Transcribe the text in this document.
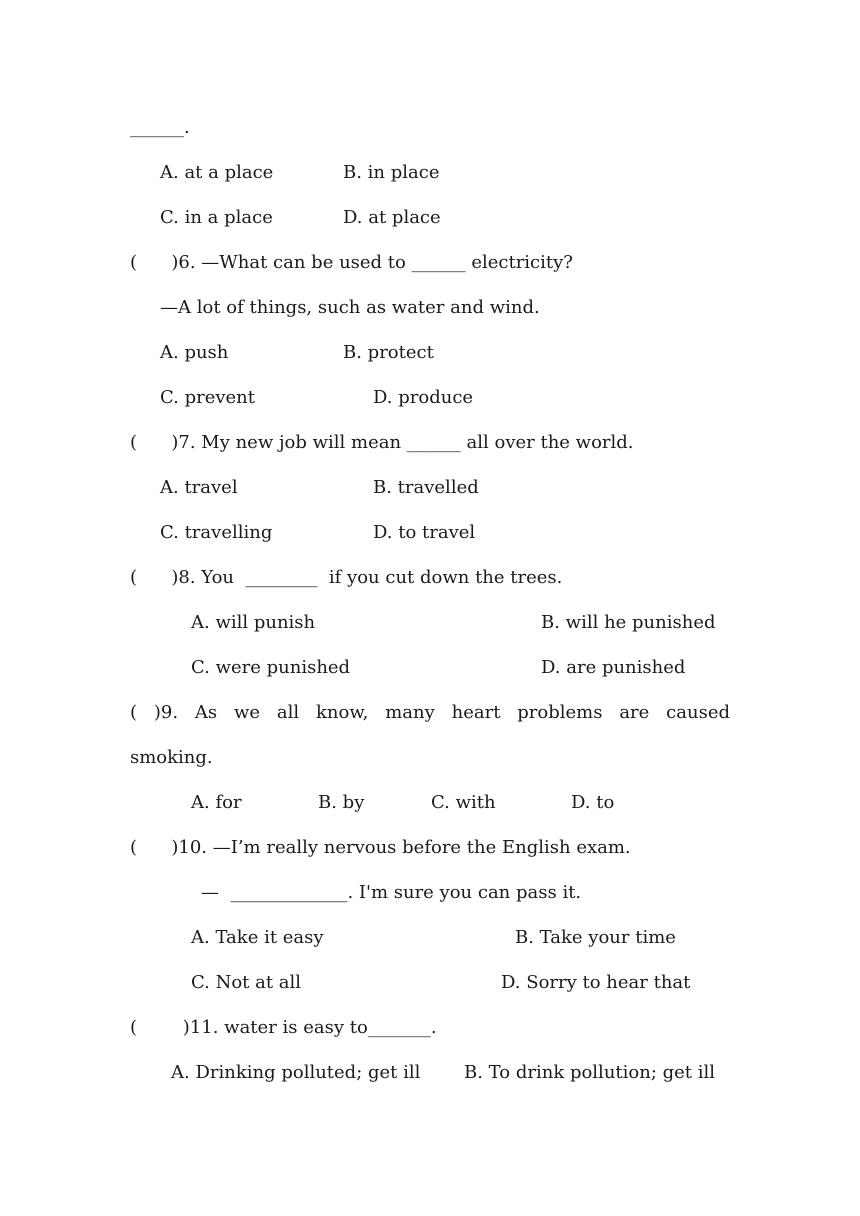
______.
A. at a place	B. in place
C. in a place	D. at place
(      )6. —What can be used to ______ electricity?
—A lot of things, such as water and wind.
A. push	B. protect
C. prevent	D. produce
(      )7. My new job will mean ______ all over the world.
A. travel	B. travelled
C. travelling	D. to travel
(      )8. You  ________  if you cut down the trees.
A. will punish	B. will he punished
C. were punished	D. are punished
( )9. As we all know, many heart problems are caused
smoking.
A. for	B. by	C. with	D. to
(      )10. —I’m really nervous before the English exam.
—  _____________. I'm sure you can pass it.
A. Take it easy	B. Take your time
C. Not at all	D. Sorry to hear that
(        )11. water is easy to_______.
A. Drinking polluted; get ill B. To drink pollution; get ill
